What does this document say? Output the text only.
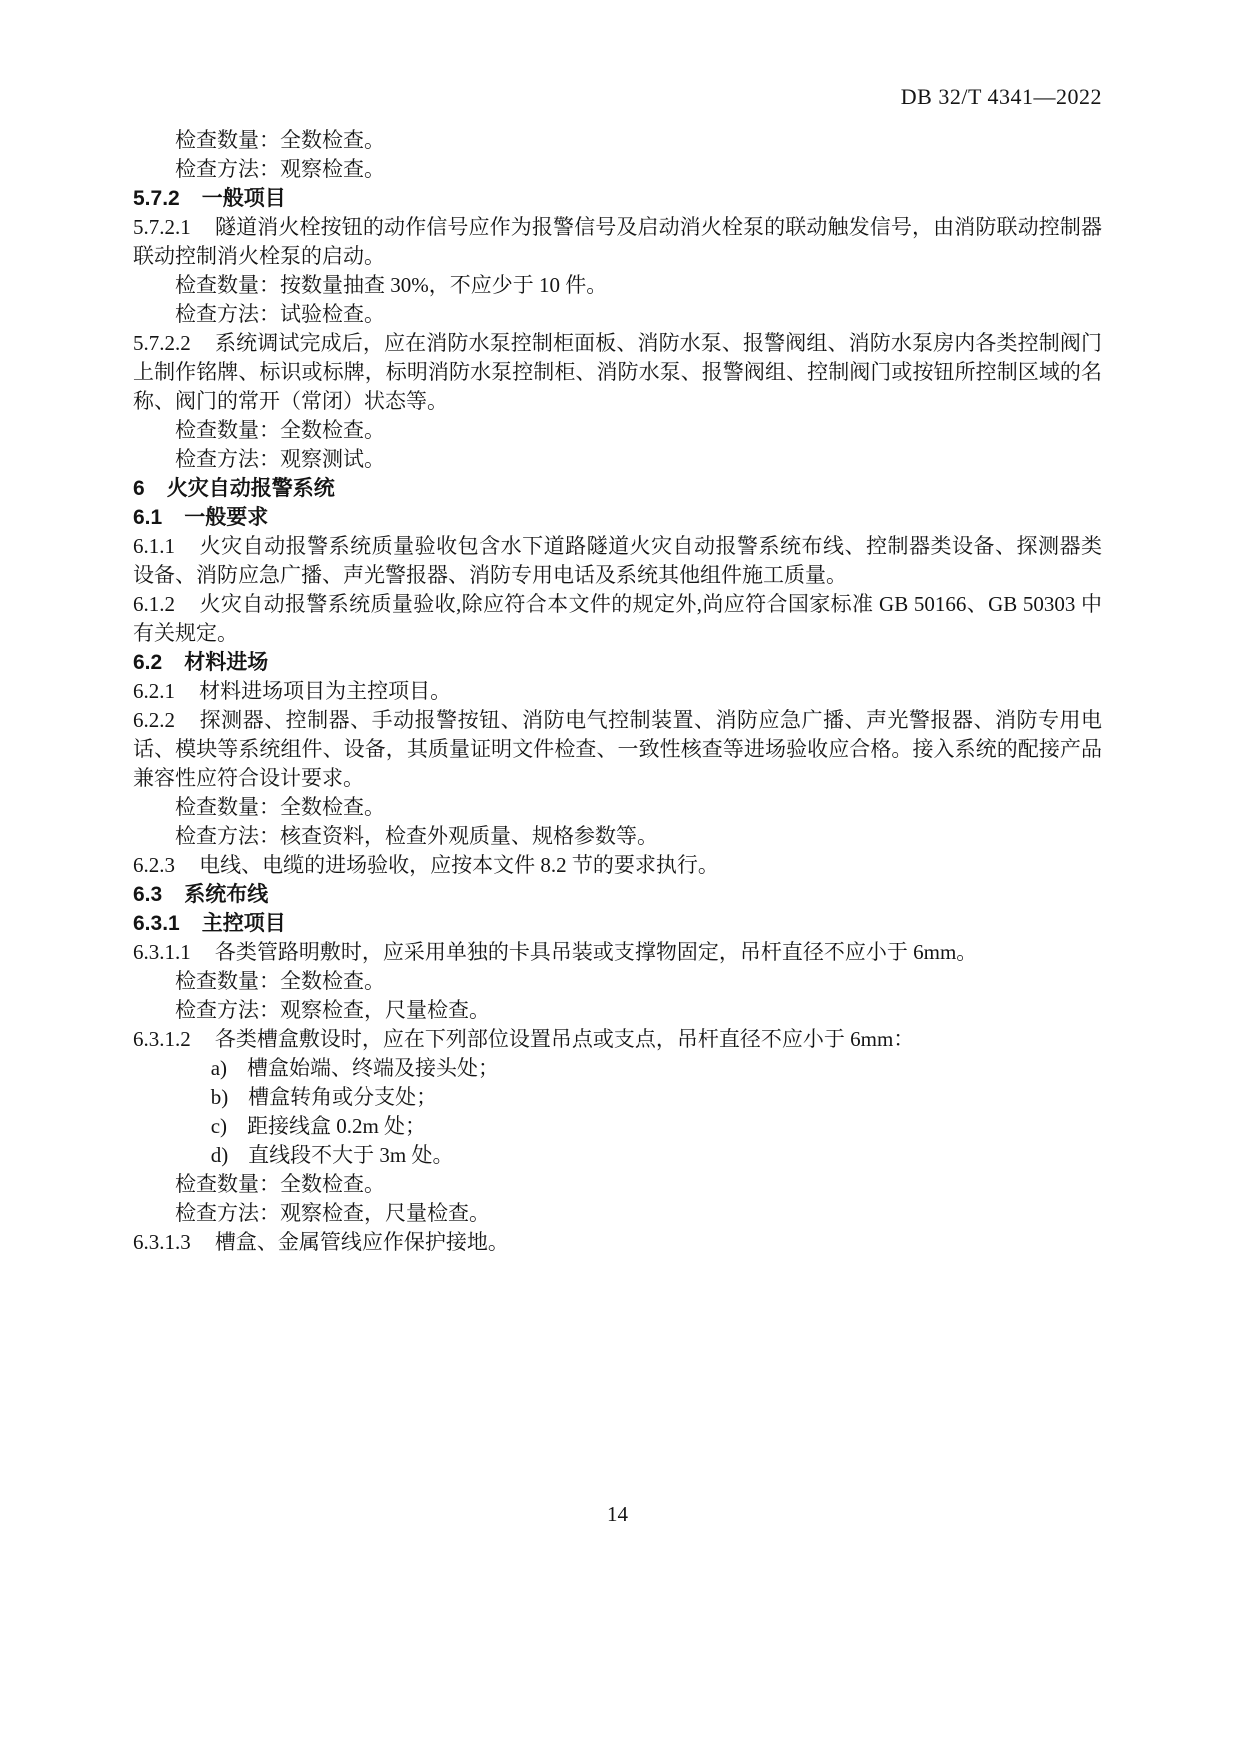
DB 32/T 4341—2022

检查数量：全数检查。

检查方法：观察检查。

5.7.2 一般项目

5.7.2.1 隧道消火栓按钮的动作信号应作为报警信号及启动消火栓泵的联动触发信号，由消防联动控制器联动控制消火栓泵的启动。

检查数量：按数量抽查 30%，不应少于 10 件。

检查方法：试验检查。

5.7.2.2 系统调试完成后，应在消防水泵控制柜面板、消防水泵、报警阀组、消防水泵房内各类控制阀门上制作铭牌、标识或标牌，标明消防水泵控制柜、消防水泵、报警阀组、控制阀门或按钮所控制区域的名称、阀门的常开（常闭）状态等。

检查数量：全数检查。

检查方法：观察测试。

6 火灾自动报警系统

6.1 一般要求

6.1.1 火灾自动报警系统质量验收包含水下道路隧道火灾自动报警系统布线、控制器类设备、探测器类设备、消防应急广播、声光警报器、消防专用电话及系统其他组件施工质量。

6.1.2 火灾自动报警系统质量验收,除应符合本文件的规定外,尚应符合国家标准 GB 50166、GB 50303 中有关规定。

6.2 材料进场

6.2.1 材料进场项目为主控项目。

6.2.2 探测器、控制器、手动报警按钮、消防电气控制装置、消防应急广播、声光警报器、消防专用电话、模块等系统组件、设备，其质量证明文件检查、一致性核查等进场验收应合格。接入系统的配接产品兼容性应符合设计要求。

检查数量：全数检查。

检查方法：核查资料，检查外观质量、规格参数等。

6.2.3 电线、电缆的进场验收，应按本文件 8.2 节的要求执行。

6.3 系统布线

6.3.1 主控项目

6.3.1.1 各类管路明敷时，应采用单独的卡具吊装或支撑物固定，吊杆直径不应小于 6mm。

检查数量：全数检查。

检查方法：观察检查，尺量检查。

6.3.1.2 各类槽盒敷设时，应在下列部位设置吊点或支点，吊杆直径不应小于 6mm：

a) 槽盒始端、终端及接头处；

b) 槽盒转角或分支处；

c) 距接线盒 0.2m 处；

d) 直线段不大于 3m 处。

检查数量：全数检查。

检查方法：观察检查，尺量检查。

6.3.1.3 槽盒、金属管线应作保护接地。

14
